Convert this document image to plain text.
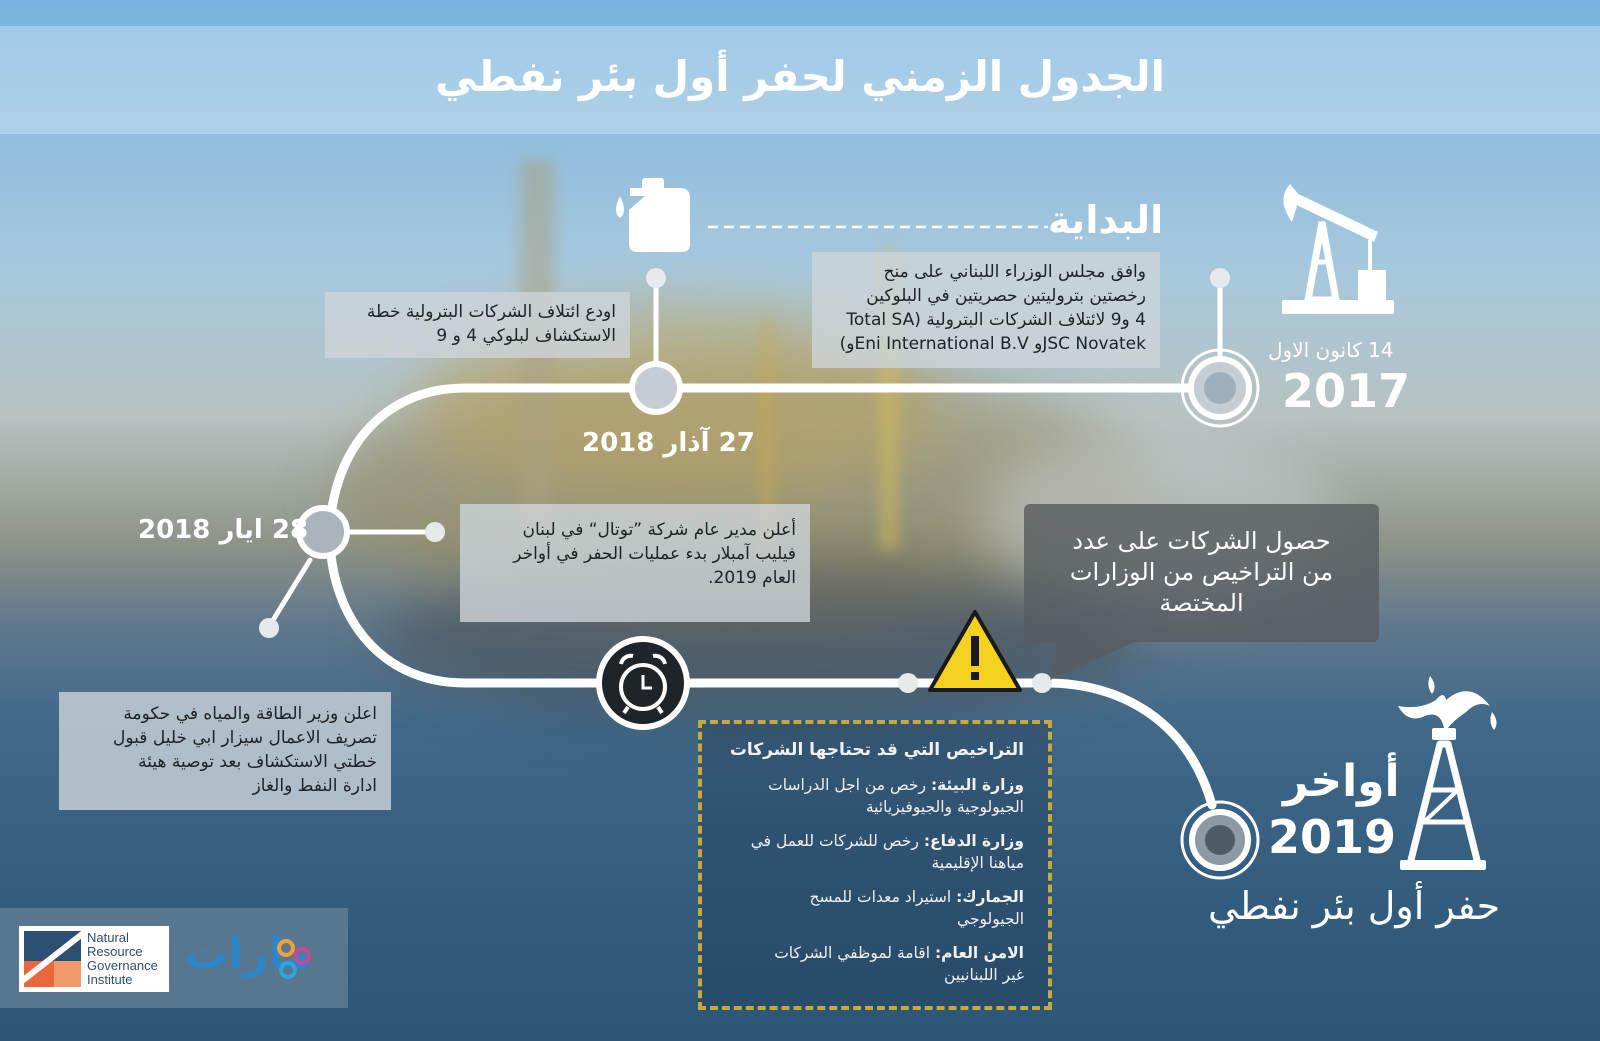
الجدول الزمني لحفر أول بئر نفطي
البداية
وافق مجلس الوزراء اللبناني على منح
رخصتين بتروليتين حصريتين في البلوكين
4 و9 لائتلاف الشركات البترولية (Total SA
JSC Novatekو Eni International B.Vو)	14 كانون الاول
2017
اودع ائتلاف الشركات البترولية خطة
الاستكشاف لبلوكي 4 و 9
27 آذار 2018
28 ايار 2018	أعلن مدير عام شركة ”توتال“ في لبنان
فيليب آمبلار بدء عمليات الحفر في أواخر
العام 2019.
اعلن وزير الطاقة والمياه في حكومة
تصريف الاعمال سيزار ابي خليل قبول
خطتي الاستكشاف بعد توصية هيئة
ادارة النفط والغاز
حصول الشركات على عدد
من التراخيص من الوزارات
المختصة
التراخيص التي قد تحتاجها الشركات
وزارة البيئة: رخص من اجل الدراسات
الجيولوجية والجيوفيزيائية
وزارة الدفاع: رخص للشركات للعمل في
مياهنا الإقليمية
الجمارك: استيراد معدات للمسح
الجيولوجي
الامن العام: اقامة لموظفي الشركات
غير اللبنانيين
أواخر
2019
حفر أول بئر نفطي
Natural
Resource
Governance
Institute
مارات
